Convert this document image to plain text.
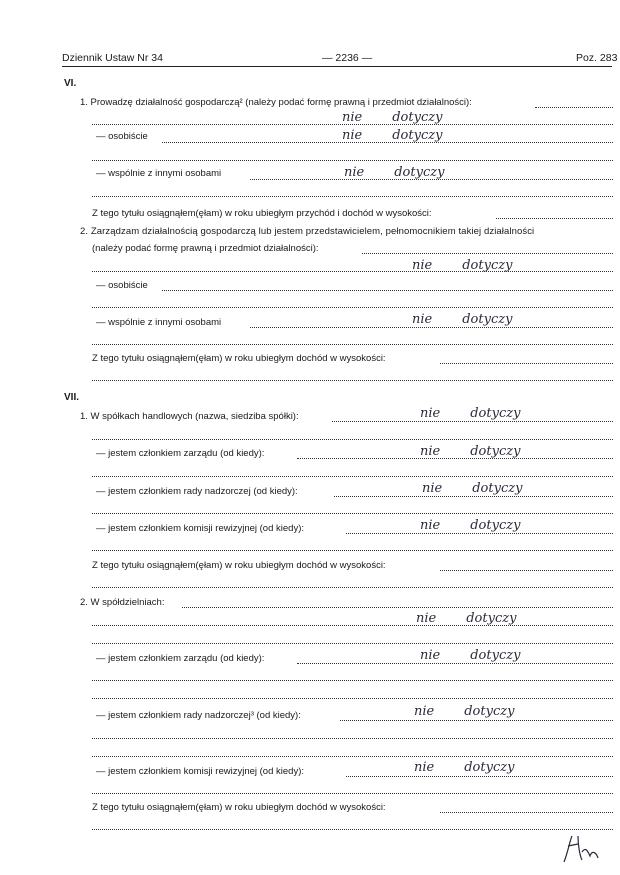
Dziennik Ustaw Nr 34	— 2236 —	Poz. 283
VI.
1. Prowadzę działalność gospodarczą² (należy podać formę prawną i przedmiot działalności):
nie dotyczy
— osobiście	nie dotyczy
— wspólnie z innymi osobami	nie dotyczy
Z tego tytułu osiągnąłem(ęłam) w roku ubiegłym przychód i dochód w wysokości:
2. Zarządzam działalnością gospodarczą lub jestem przedstawicielem, pełnomocnikiem takiej działalności
(należy podać formę prawną i przedmiot działalności):
nie dotyczy
— osobiście
— wspólnie z innymi osobami	nie dotyczy
Z tego tytułu osiągnąłem(ęłam) w roku ubiegłym dochód w wysokości:
VII.
1. W spółkach handlowych (nazwa, siedziba spółki):	nie dotyczy
— jestem członkiem zarządu (od kiedy):	nie dotyczy
— jestem członkiem rady nadzorczej (od kiedy):	nie dotyczy
— jestem członkiem komisji rewizyjnej (od kiedy):	nie dotyczy
Z tego tytułu osiągnąłem(ęłam) w roku ubiegłym dochód w wysokości:
2. W spółdzielniach:
nie dotyczy
— jestem członkiem zarządu (od kiedy):	nie dotyczy
— jestem członkiem rady nadzorczej³ (od kiedy):	nie dotyczy
— jestem członkiem komisji rewizyjnej (od kiedy):	nie dotyczy
Z tego tytułu osiągnąłem(ęłam) w roku ubiegłym dochód w wysokości:
